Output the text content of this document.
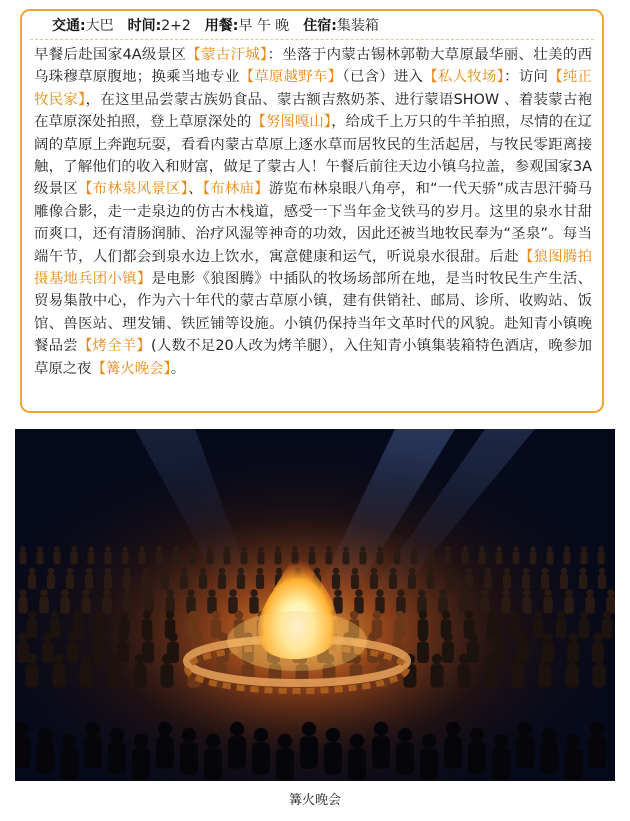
交通:大巴 时间:2+2 用餐:早 午 晚 住宿:集装箱
早餐后赴国家4A级景区【蒙古汗城】：坐落于内蒙古锡林郭勒大草原最华丽、壮美的西乌珠穆草原腹地；换乘当地专业【草原越野车】（已含）进入【私人牧场】：访问【纯正牧民家】，在这里品尝蒙古族奶食品、蒙古额吉熬奶茶、进行蒙语SHOW 、着装蒙古袍在草原深处拍照，登上草原深处的【努图嘎山】，给成千上万只的牛羊拍照，尽情的在辽阔的草原上奔跑玩耍，看看内蒙古草原上逐水草而居牧民的生活起居，与牧民零距离接触，了解他们的收入和财富，做足了蒙古人！午餐后前往天边小镇乌拉盖，参观国家3A级景区【布林泉风景区】、【布林庙】游览布林泉眼八角亭，和“一代天骄”成吉思汗骑马雕像合影，走一走泉边的仿古木栈道，感受一下当年金戈铁马的岁月。这里的泉水甘甜而爽口，还有清肠润肺、治疗风湿等神奇的功效，因此还被当地牧民奉为“圣泉”。每当端午节，人们都会到泉水边上饮水，寓意健康和运气，听说泉水很甜。后赴【狼图腾拍摄基地兵团小镇】是电影《狼图腾》中插队的牧场场部所在地，是当时牧民生产生活、贸易集散中心，作为六十年代的蒙古草原小镇，建有供销社、邮局、诊所、收购站、饭馆、兽医站、理发铺、铁匠铺等设施。小镇仍保持当年文革时代的风貌。赴知青小镇晚餐品尝【烤全羊】(人数不足20人改为烤羊腿），入住知青小镇集装箱特色酒店，晚参加草原之夜【篝火晚会】。
篝火晚会
